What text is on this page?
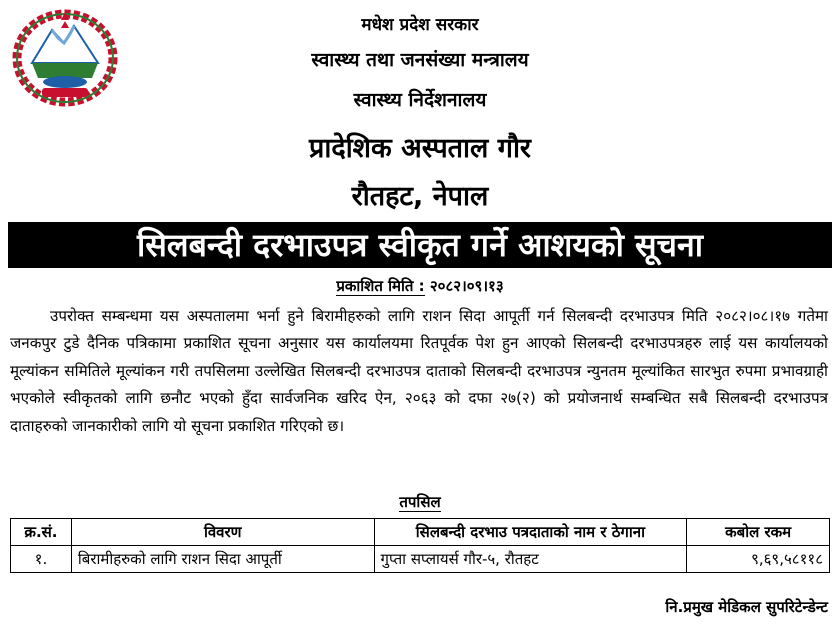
मधेश प्रदेश सरकार
स्वास्थ्य तथा जनसंख्या मन्त्रालय
स्वास्थ्य निर्देशनालय
प्रादेशिक अस्पताल गौर
रौतहट, नेपाल
सिलबन्दी दरभाउपत्र स्वीकृत गर्ने आशयको सूचना
प्रकाशित मिति : २०८२।०९।१३
उपरोक्त सम्बन्धमा यस अस्पतालमा भर्ना हुने बिरामीहरुको लागि राशन सिदा आपूर्ती गर्न सिलबन्दी दरभाउपत्र मिति २०८२।०८।१७ गतेमा जनकपुर टुडे दैनिक पत्रिकामा प्रकाशित सूचना अनुसार यस कार्यालयमा रितपूर्वक पेश हुन आएको सिलबन्दी दरभाउपत्रहरु लाई यस कार्यालयको मूल्यांकन समितिले मूल्यांकन गरी तपसिलमा उल्लेखित सिलबन्दी दरभाउपत्र दाताको सिलबन्दी दरभाउपत्र न्युनतम मूल्यांकित सारभुत रुपमा प्रभावग्राही भएकोले स्वीकृतको लागि छनौट भएको हुँदा सार्वजनिक खरिद ऐन, २०६३ को दफा २७(२) को प्रयोजनार्थ सम्बन्धित सबै सिलबन्दी दरभाउपत्र दाताहरुको जानकारीको लागि यो सूचना प्रकाशित गरिएको छ।
तपसिल
क्र.सं.	विवरण	सिलबन्दी दरभाउ पत्रदाताको नाम र ठेगाना	कबोल रकम
१.	बिरामीहरुको लागि राशन सिदा आपूर्ती	गुप्ता सप्लायर्स गौर-५, रौतहट	९,६९,५८११८
नि.प्रमुख मेडिकल सुपरिटेन्डेन्ट
